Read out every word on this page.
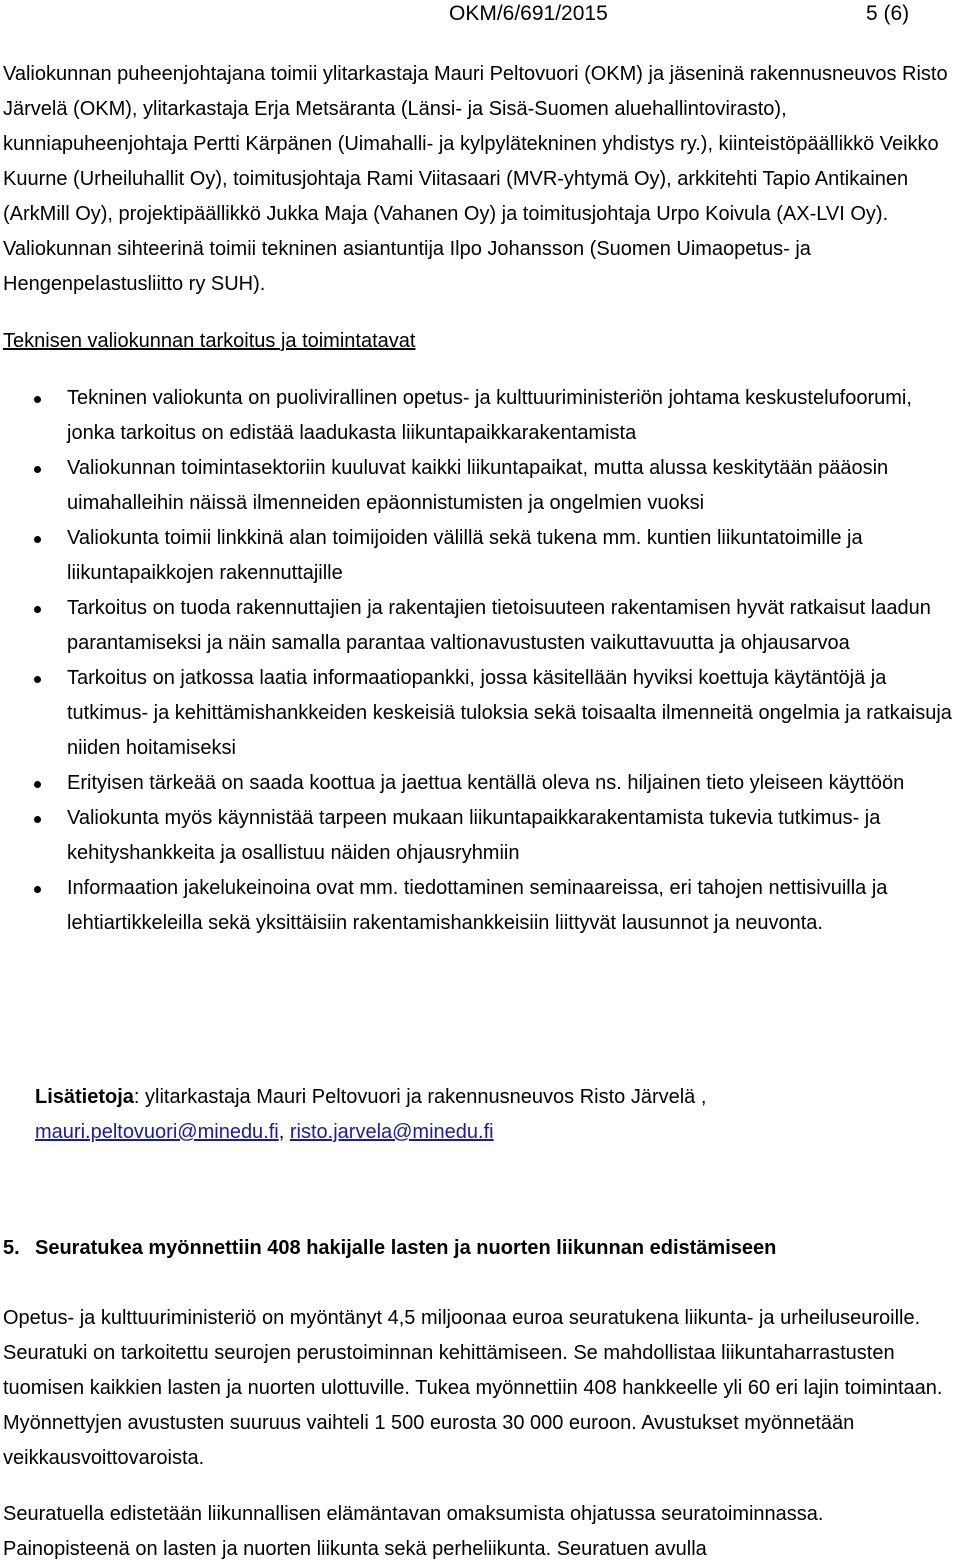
OKM/6/691/2015	5 (6)

Valiokunnan puheenjohtajana toimii ylitarkastaja Mauri Peltovuori (OKM) ja jäseninä rakennusneuvos Risto Järvelä (OKM), ylitarkastaja Erja Metsäranta (Länsi- ja Sisä-Suomen aluehallintovirasto), kunniapuheenjohtaja Pertti Kärpänen (Uimahalli- ja kylpylätekninen yhdistys ry.), kiinteistöpäällikkö Veikko Kuurne (Urheiluhallit Oy), toimitusjohtaja Rami Viitasaari (MVR-yhtymä Oy), arkkitehti Tapio Antikainen (ArkMill Oy), projektipäällikkö Jukka Maja (Vahanen Oy) ja toimitusjohtaja Urpo Koivula (AX-LVI Oy). Valiokunnan sihteerinä toimii tekninen asiantuntija Ilpo Johansson (Suomen Uimaopetus- ja Hengenpelastusliitto ry SUH).

Teknisen valiokunnan tarkoitus ja toimintatavat
Tekninen valiokunta on puolivirallinen opetus- ja kulttuuriministeriön johtama keskustelufoorumi, jonka tarkoitus on edistää laadukasta liikuntapaikkarakentamista
Valiokunnan toimintasektoriin kuuluvat kaikki liikuntapaikat, mutta alussa keskitytään pääosin uimahalleihin näissä ilmenneiden epäonnistumisten ja ongelmien vuoksi
Valiokunta toimii linkkinä alan toimijoiden välillä sekä tukena mm. kuntien liikuntatoimille ja liikuntapaikkojen rakennuttajille
Tarkoitus on tuoda rakennuttajien ja rakentajien tietoisuuteen rakentamisen hyvät ratkaisut laadun parantamiseksi ja näin samalla parantaa valtionavustusten vaikuttavuutta ja ohjausarvoa
Tarkoitus on jatkossa laatia informaatiopankki, jossa käsitellään hyviksi koettuja käytäntöjä ja tutkimus- ja kehittämishankkeiden keskeisiä tuloksia sekä toisaalta ilmenneitä ongelmia ja ratkaisuja niiden hoitamiseksi
Erityisen tärkeää on saada koottua ja jaettua kentällä oleva ns. hiljainen tieto yleiseen käyttöön
Valiokunta myös käynnistää tarpeen mukaan liikuntapaikkarakentamista tukevia tutkimus- ja kehityshankkeita ja osallistuu näiden ohjausryhmiin
Informaation jakelukeinoina ovat mm. tiedottaminen seminaareissa, eri tahojen nettisivuilla ja lehtiartikkeleilla sekä yksittäisiin rakentamishankkeisiin liittyvät lausunnot ja neuvonta.

Lisätietoja: ylitarkastaja Mauri Peltovuori ja rakennusneuvos Risto Järvelä ,
mauri.peltovuori@minedu.fi, risto.jarvela@minedu.fi

5. Seuratukea myönnettiin 408 hakijalle lasten ja nuorten liikunnan edistämiseen

Opetus- ja kulttuuriministeriö on myöntänyt 4,5 miljoonaa euroa seuratukena liikunta- ja urheiluseuroille. Seuratuki on tarkoitettu seurojen perustoiminnan kehittämiseen. Se mahdollistaa liikuntaharrastusten tuomisen kaikkien lasten ja nuorten ulottuville. Tukea myönnettiin 408 hankkeelle yli 60 eri lajin toimintaan. Myönnettyjen avustusten suuruus vaihteli 1 500 eurosta 30 000 euroon. Avustukset myönnetään veikkausvoittovaroista.

Seuratuella edistetään liikunnallisen elämäntavan omaksumista ohjatussa seuratoiminnassa. Painopisteenä on lasten ja nuorten liikunta sekä perheliikunta. Seuratuen avulla
